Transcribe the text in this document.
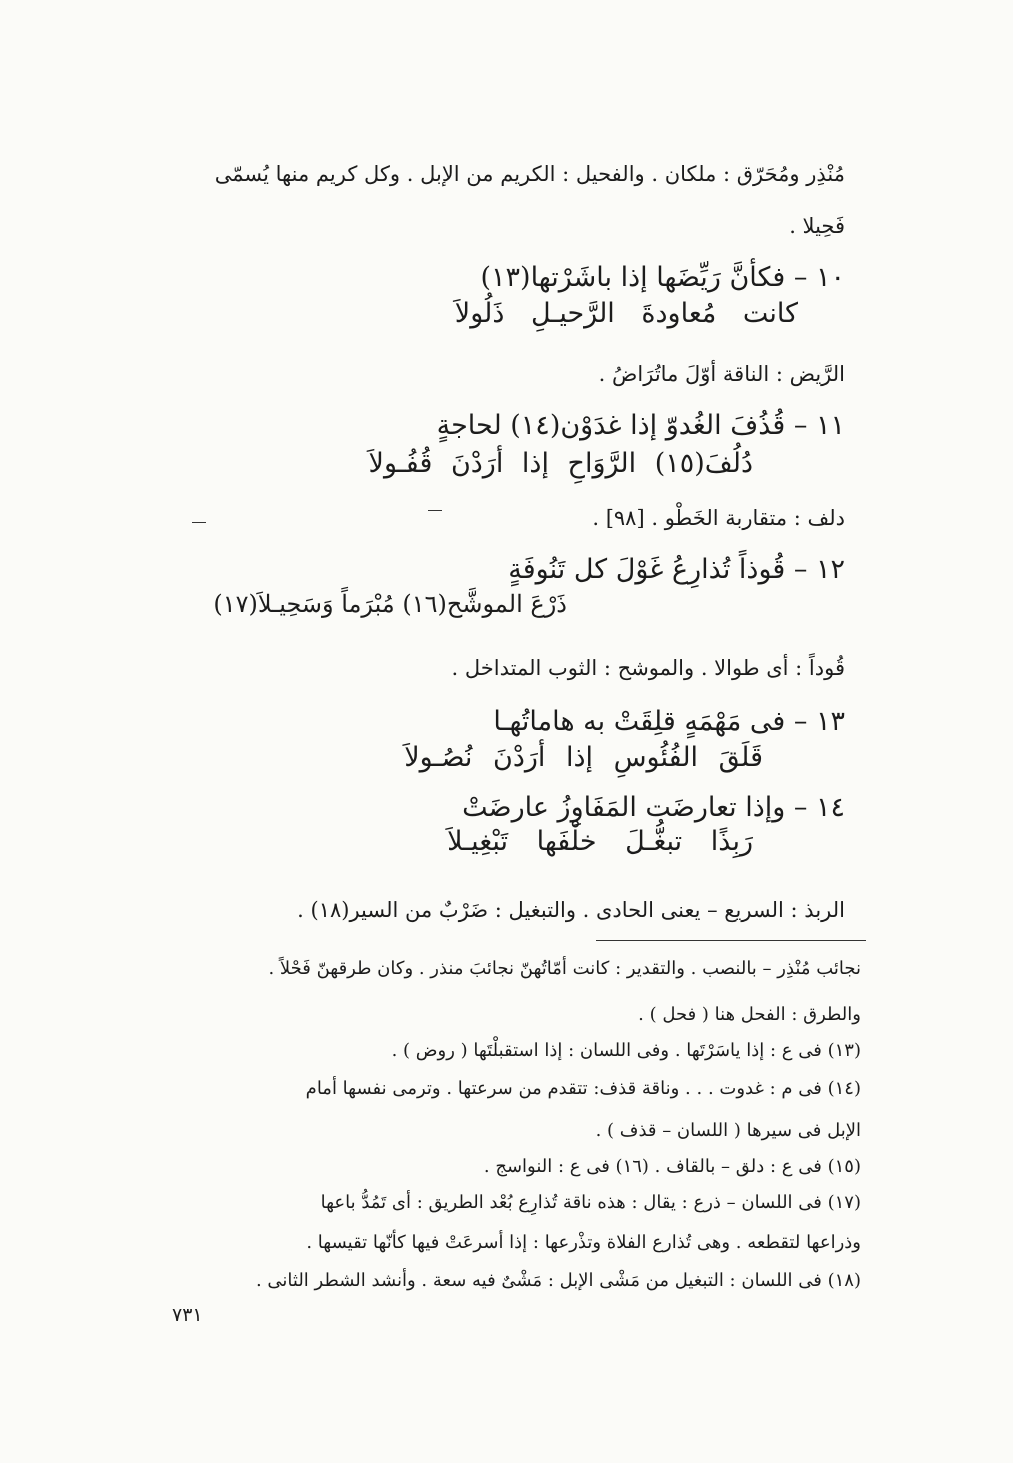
مُنْذِر ومُحَرّق : ملكان . والفحيل : الكريم من الإبل . وكل كريم منها يُسمّى
فَحِيلا .
١٠ – فكأنَّ رَيِّضَها إذا باشَرْتها(١٣)
كانت مُعاودةَ الرَّحيـلِ ذَلُولاَ
الرَّيض : الناقة أوّلَ ماتُرَاضُ .
١١ – قُذُفَ الغُدوّ إذا غدَوْن(١٤) لحاجةٍ
دُلُفَ(١٥) الرَّوَاحِ إذا أرَدْنَ قُفُـولاَ
دلف : متقاربة الخَطْو . [٩٨] .
١٢ – قُوذاً تُذارِعُ غَوْلَ كل تَنُوفَةٍ
ذَرْعَ الموشَّح(١٦) مُبْرَماً وَسَحِيـلاَ(١٧)
قُوداً : أى طوالا . والموشح : الثوب المتداخل .
١٣ – فى مَهْمَهٍ قلِقَتْ به هاماتُهـا
قَلَقَ الفُئُوسِ إذا أرَدْنَ نُصُـولاَ
١٤ – وإذا تعارضَت المَفَاوِزُ عارضَتْ
رَبِذًا تبغُّـلَ خلْفَها تَبْغِيـلاَ
الربذ : السريع – يعنى الحادى . والتبغيل : ضَرْبٌ من السير(١٨) .
نجائب مُنْذِر – بالنصب . والتقدير : كانت أمّاتُهنّ نجائبَ منذر . وكان طرقهنّ فَحْلاً .
والطرق : الفحل هنا ( فحل ) .
(١٣) فى ع : إذا ياسَرْتَها . وفى اللسان : إذا استقبلْتَها ( روض ) .
(١٤) فى م : غدوت . . . وناقة قذف: تتقدم من سرعتها . وترمى نفسها أمام
الإبل فى سيرها ( اللسان – قذف ) .
(١٥) فى ع : دلق – بالقاف . (١٦) فى ع : النواسج .
(١٧) فى اللسان – ذرع : يقال : هذه ناقة تُذارِع بُعْد الطريق : أى تَمُدُّ باعها
وذراعها لتقطعه . وهى تُذارع الفلاة وتذْرعها : إذا أسرعَتْ فيها كأنّها تقيسها .
(١٨) فى اللسان : التبغيل من مَشْى الإبل : مَشْىٌ فيه سعة . وأنشد الشطر الثانى .
٧٣١
